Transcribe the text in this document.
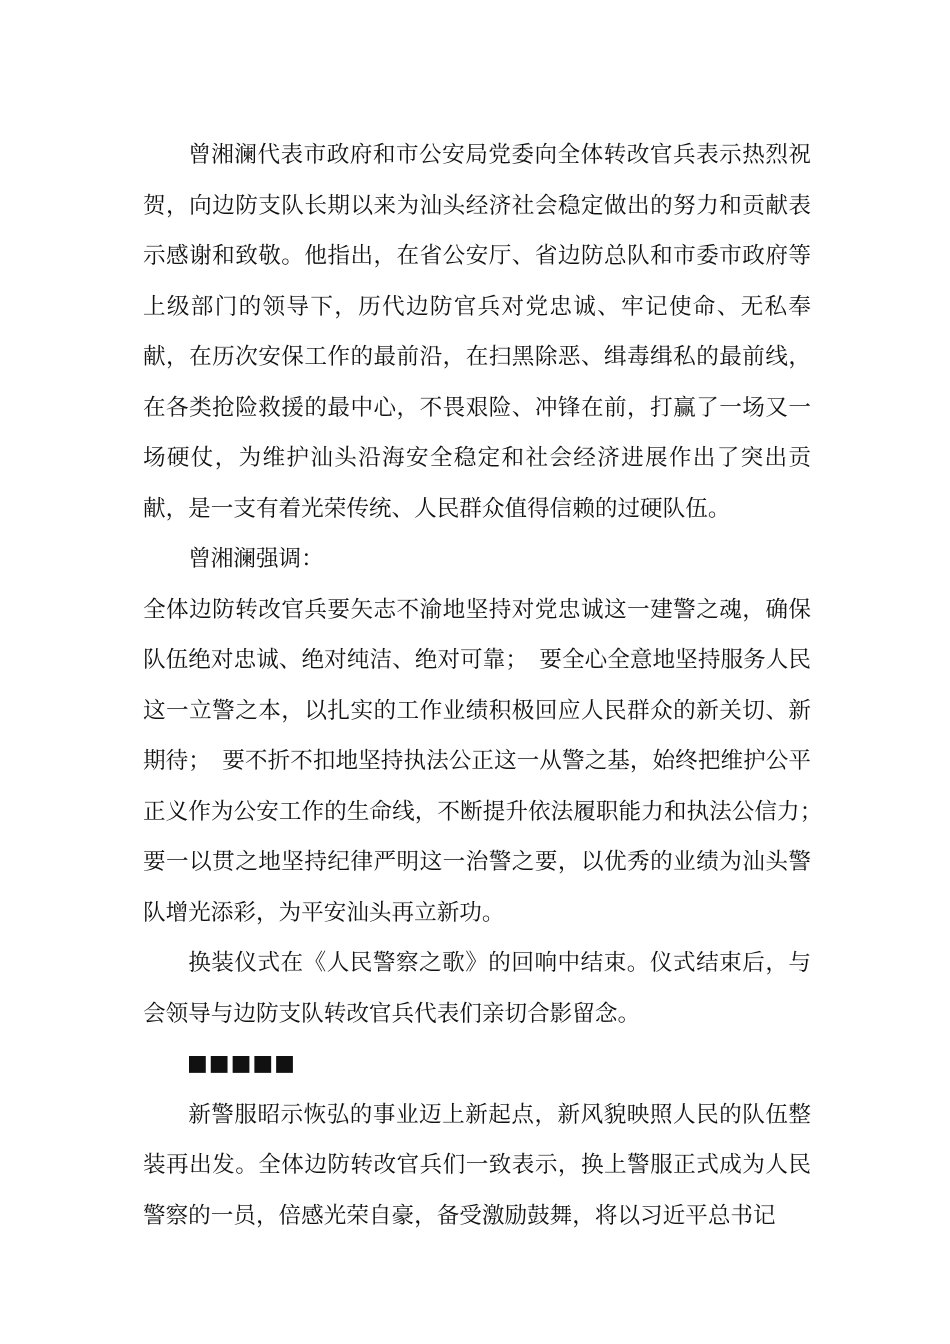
曾湘澜代表市政府和市公安局党委向全体转改官兵表示热烈祝贺，向边防支队长期以来为汕头经济社会稳定做出的努力和贡献表示感谢和致敬。他指出，在省公安厅、省边防总队和市委市政府等上级部门的领导下，历代边防官兵对党忠诚、牢记使命、无私奉献，在历次安保工作的最前沿，在扫黑除恶、缉毒缉私的最前线，在各类抢险救援的最中心，不畏艰险、冲锋在前，打赢了一场又一场硬仗，为维护汕头沿海安全稳定和社会经济进展作出了突出贡献，是一支有着光荣传统、人民群众值得信赖的过硬队伍。

曾湘澜强调：

全体边防转改官兵要矢志不渝地坚持对党忠诚这一建警之魂，确保队伍绝对忠诚、绝对纯洁、绝对可靠；　要全心全意地坚持服务人民这一立警之本，以扎实的工作业绩积极回应人民群众的新关切、新期待；　要不折不扣地坚持执法公正这一从警之基，始终把维护公平正义作为公安工作的生命线，不断提升依法履职能力和执法公信力；　要一以贯之地坚持纪律严明这一治警之要，以优秀的业绩为汕头警队增光添彩，为平安汕头再立新功。

换装仪式在《人民警察之歌》的回响中结束。仪式结束后，与会领导与边防支队转改官兵代表们亲切合影留念。

■■■■■

新警服昭示恢弘的事业迈上新起点，新风貌映照人民的队伍整装再出发。全体边防转改官兵们一致表示，换上警服正式成为人民警察的一员，倍感光荣自豪，备受激励鼓舞，将以习近平总书记
